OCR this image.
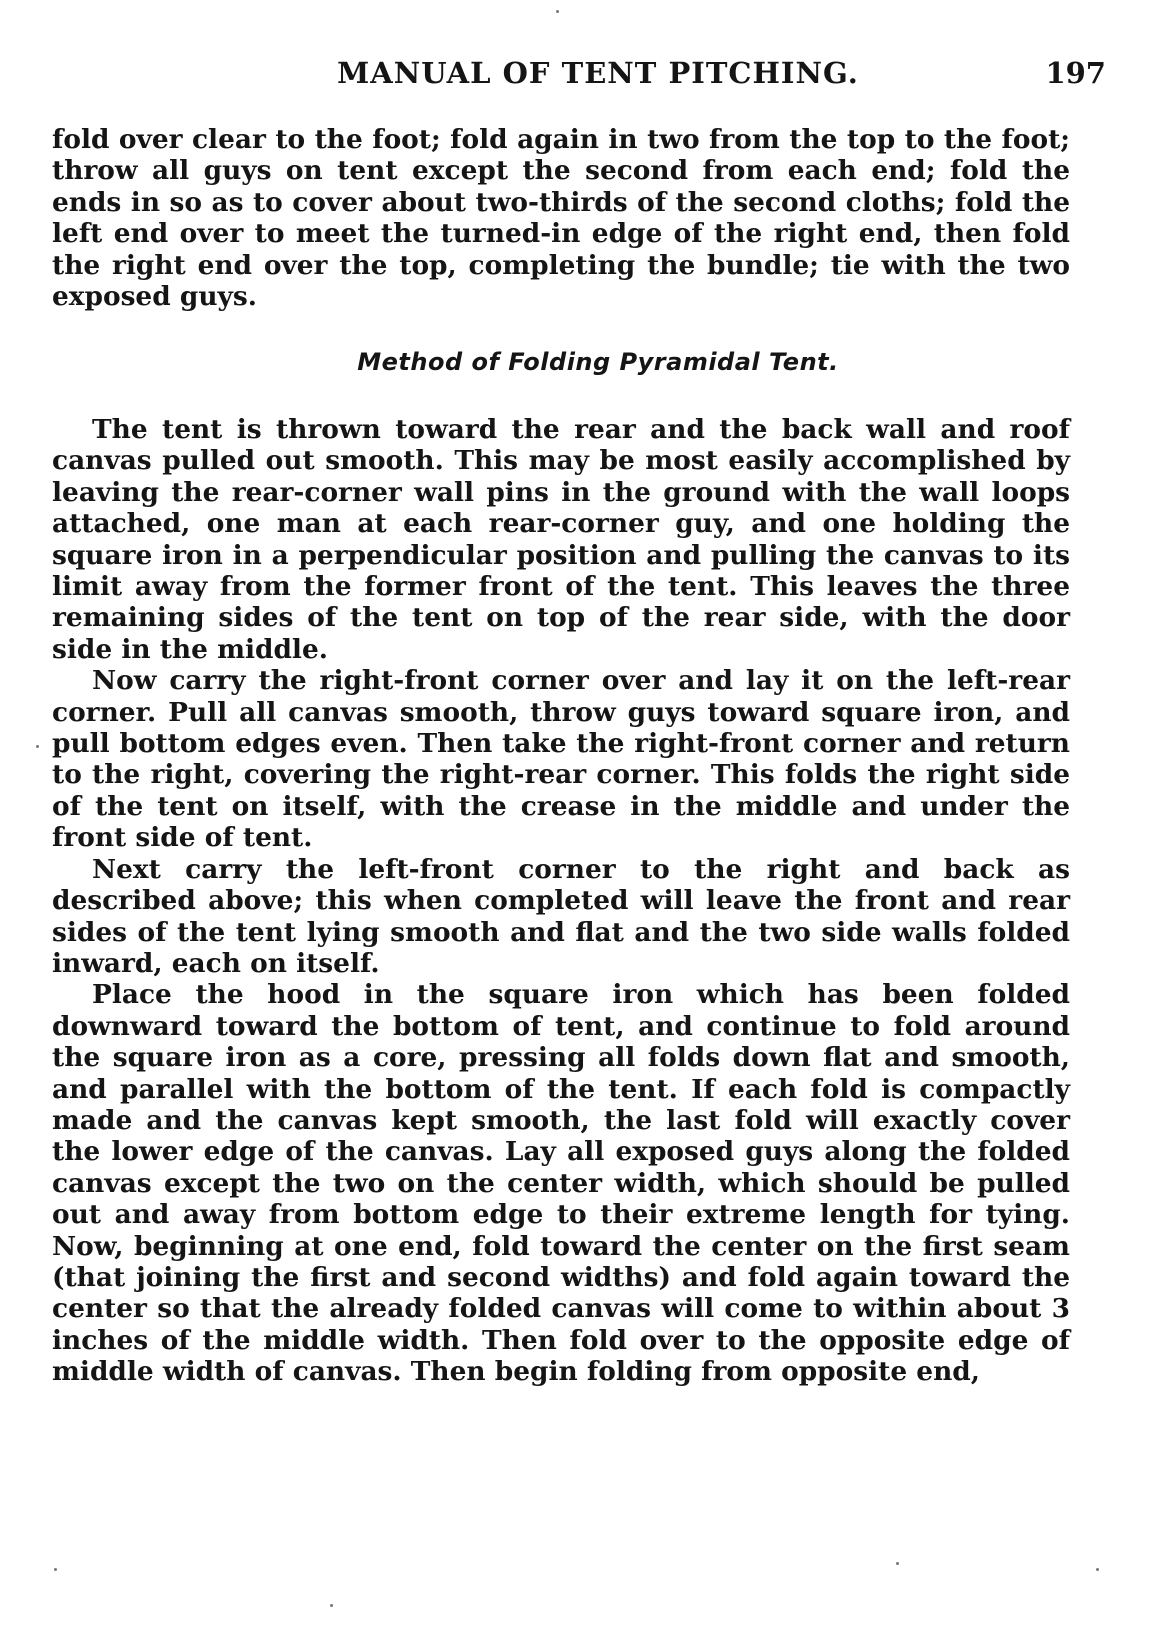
MANUAL OF TENT PITCHING.	197

fold over clear to the foot; fold again in two from the top to the foot; throw all guys on tent except the second from each end; fold the ends in so as to cover about two-thirds of the second cloths; fold the left end over to meet the turned-in edge of the right end, then fold the right end over the top, completing the bundle; tie with the two exposed guys.

Method of Folding Pyramidal Tent.

The tent is thrown toward the rear and the back wall and roof canvas pulled out smooth. This may be most easily accomplished by leaving the rear-corner wall pins in the ground with the wall loops attached, one man at each rear-corner guy, and one holding the square iron in a perpendicular position and pulling the canvas to its limit away from the former front of the tent. This leaves the three remaining sides of the tent on top of the rear side, with the door side in the middle.

Now carry the right-front corner over and lay it on the left-rear corner. Pull all canvas smooth, throw guys toward square iron, and pull bottom edges even. Then take the right-front corner and return to the right, covering the right-rear corner. This folds the right side of the tent on itself, with the crease in the middle and under the front side of tent.

Next carry the left-front corner to the right and back as described above; this when completed will leave the front and rear sides of the tent lying smooth and flat and the two side walls folded inward, each on itself.

Place the hood in the square iron which has been folded downward toward the bottom of tent, and continue to fold around the square iron as a core, pressing all folds down flat and smooth, and parallel with the bottom of the tent. If each fold is compactly made and the canvas kept smooth, the last fold will exactly cover the lower edge of the canvas. Lay all exposed guys along the folded canvas except the two on the center width, which should be pulled out and away from bottom edge to their extreme length for tying. Now, beginning at one end, fold toward the center on the first seam (that joining the first and second widths) and fold again toward the center so that the already folded canvas will come to within about 3 inches of the middle width. Then fold over to the opposite edge of middle width of canvas. Then begin folding from opposite end,
